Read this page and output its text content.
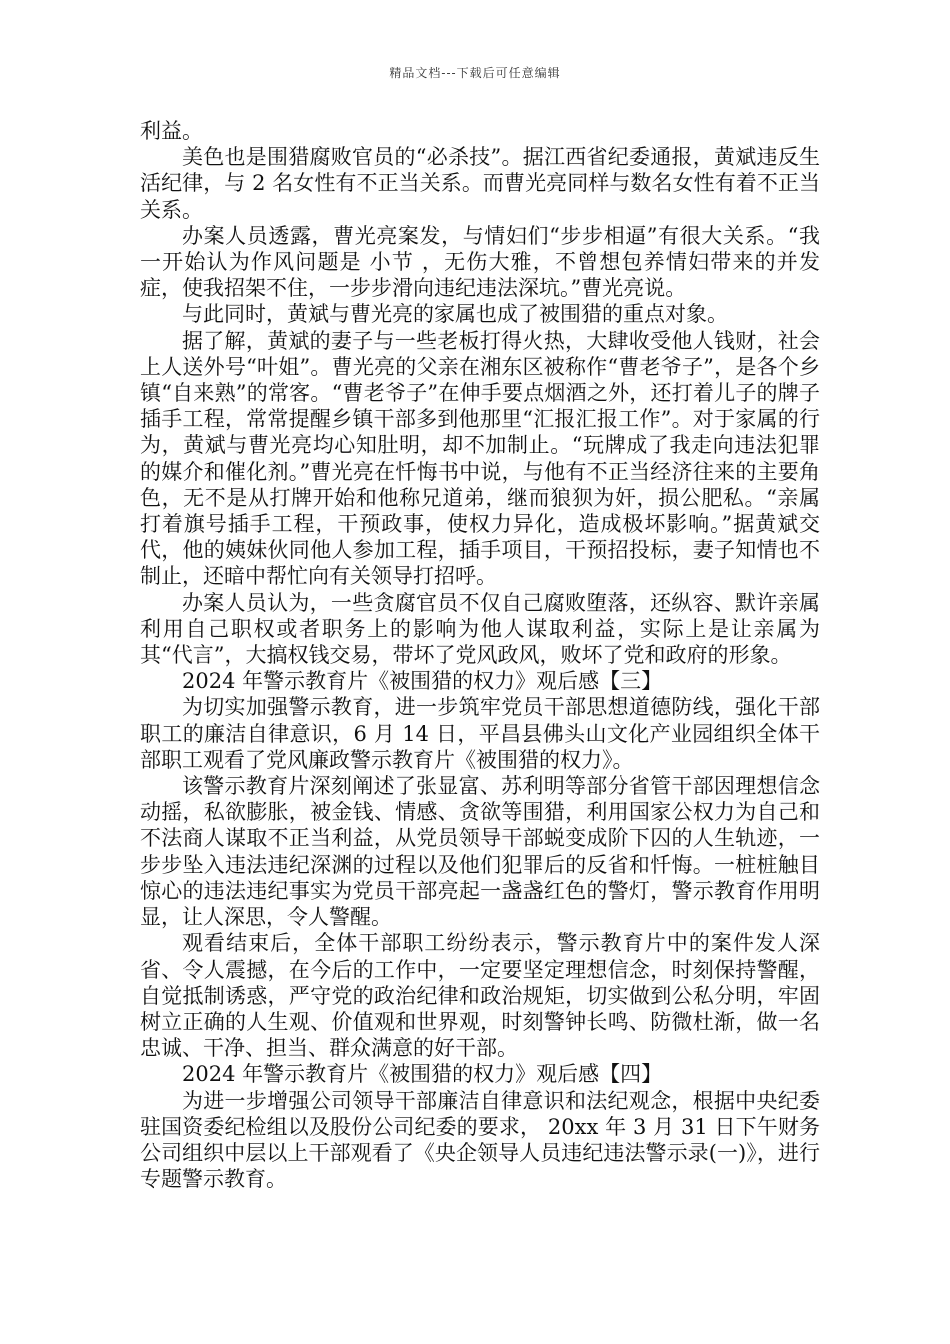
精品文档---下载后可任意编辑

利益。

美色也是围猎腐败官员的“必杀技”。据江西省纪委通报，黄斌违反生活纪律，与 2 名女性有不正当关系。而曹光亮同样与数名女性有着不正当关系。

办案人员透露，曹光亮案发，与情妇们“步步相逼”有很大关系。“我一开始认为作风问题是 小节 ，无伤大雅，不曾想包养情妇带来的并发症，使我招架不住，一步步滑向违纪违法深坑。”曹光亮说。

与此同时，黄斌与曹光亮的家属也成了被围猎的重点对象。

据了解，黄斌的妻子与一些老板打得火热，大肆收受他人钱财，社会上人送外号“叶姐”。曹光亮的父亲在湘东区被称作“曹老爷子”，是各个乡镇“自来熟”的常客。“曹老爷子”在伸手要点烟酒之外，还打着儿子的牌子插手工程，常常提醒乡镇干部多到他那里“汇报汇报工作”。对于家属的行为，黄斌与曹光亮均心知肚明，却不加制止。“玩牌成了我走向违法犯罪的媒介和催化剂。”曹光亮在忏悔书中说，与他有不正当经济往来的主要角色，无不是从打牌开始和他称兄道弟，继而狼狈为奸，损公肥私。“亲属打着旗号插手工程，干预政事，使权力异化，造成极坏影响。”据黄斌交代，他的姨妹伙同他人参加工程，插手项目，干预招投标，妻子知情也不制止，还暗中帮忙向有关领导打招呼。

办案人员认为，一些贪腐官员不仅自己腐败堕落，还纵容、默许亲属利用自己职权或者职务上的影响为他人谋取利益，实际上是让亲属为其“代言”，大搞权钱交易，带坏了党风政风，败坏了党和政府的形象。

2024 年警示教育片《被围猎的权力》观后感【三】

为切实加强警示教育，进一步筑牢党员干部思想道德防线，强化干部职工的廉洁自律意识，6 月 14 日，平昌县佛头山文化产业园组织全体干部职工观看了党风廉政警示教育片《被围猎的权力》。

该警示教育片深刻阐述了张显富、苏利明等部分省管干部因理想信念动摇，私欲膨胀，被金钱、情感、贪欲等围猎，利用国家公权力为自己和不法商人谋取不正当利益，从党员领导干部蜕变成阶下囚的人生轨迹，一步步坠入违法违纪深渊的过程以及他们犯罪后的反省和忏悔。一桩桩触目惊心的违法违纪事实为党员干部亮起一盏盏红色的警灯，警示教育作用明显，让人深思，令人警醒。

观看结束后，全体干部职工纷纷表示，警示教育片中的案件发人深省、令人震撼，在今后的工作中，一定要坚定理想信念，时刻保持警醒，自觉抵制诱惑，严守党的政治纪律和政治规矩，切实做到公私分明，牢固树立正确的人生观、价值观和世界观，时刻警钟长鸣、防微杜渐，做一名忠诚、干净、担当、群众满意的好干部。

2024 年警示教育片《被围猎的权力》观后感【四】

为进一步增强公司领导干部廉洁自律意识和法纪观念，根据中央纪委驻国资委纪检组以及股份公司纪委的要求， 20xx 年 3 月 31 日下午财务公司组织中层以上干部观看了《央企领导人员违纪违法警示录(一)》，进行专题警示教育。
